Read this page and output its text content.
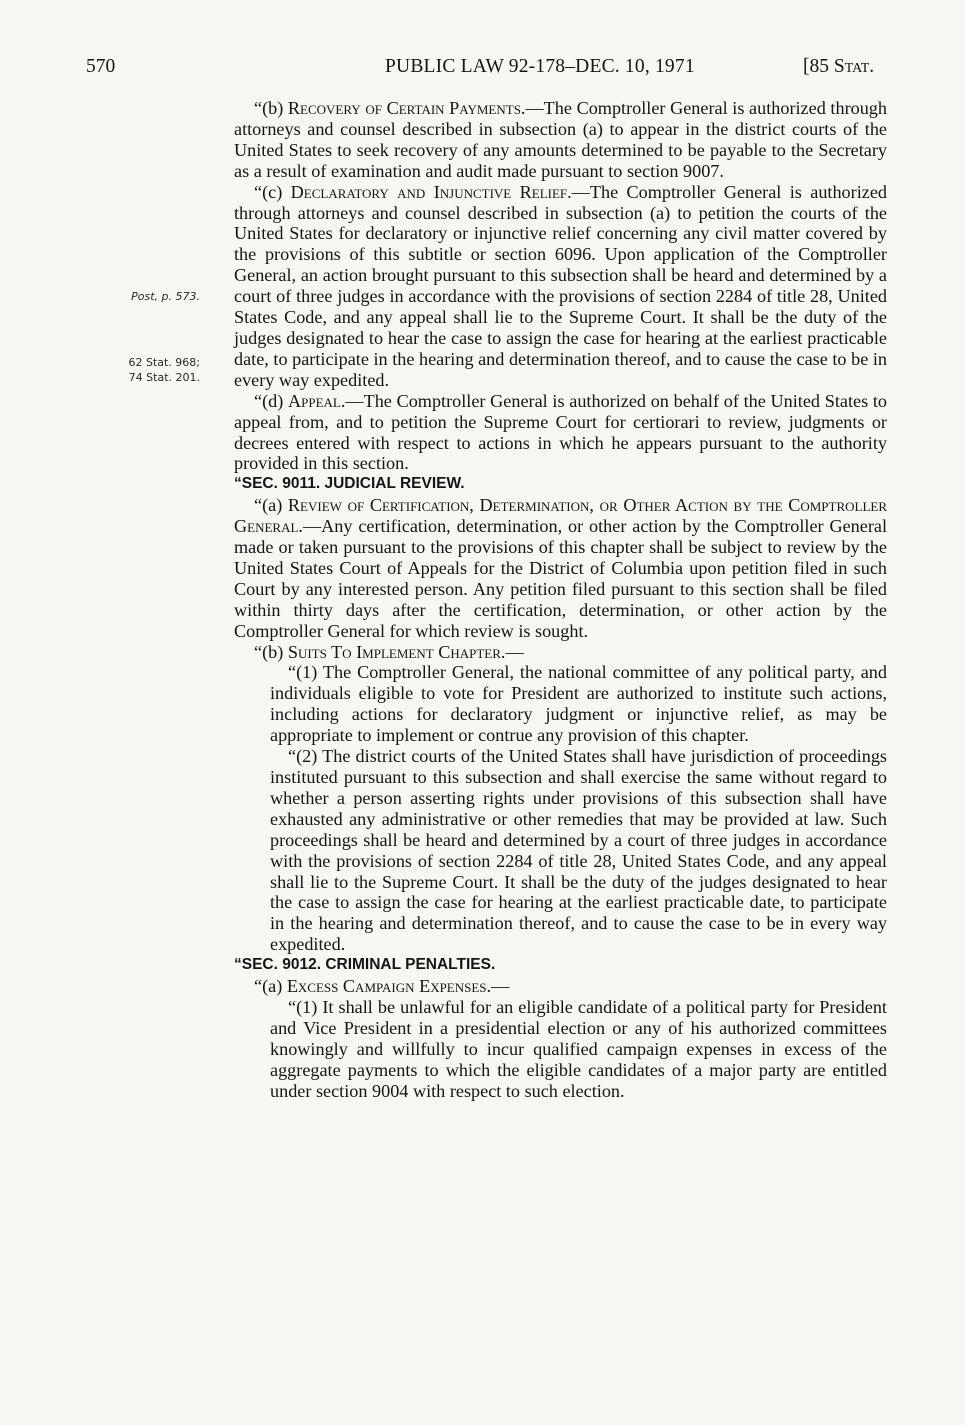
570	PUBLIC LAW 92-178–DEC. 10, 1971	[85 Stat.
Post, p. 573.
62 Stat. 968;
74 Stat. 201.

“(b) Recovery of Certain Payments.—The Comptroller General is authorized through attorneys and counsel described in subsection (a) to appear in the district courts of the United States to seek recovery of any amounts determined to be payable to the Secretary as a result of examination and audit made pursuant to section 9007.

“(c) Declaratory and Injunctive Relief.—The Comptroller General is authorized through attorneys and counsel described in subsection (a) to petition the courts of the United States for declaratory or injunctive relief concerning any civil matter covered by the provisions of this subtitle or section 6096. Upon application of the Comptroller General, an action brought pursuant to this subsection shall be heard and determined by a court of three judges in accordance with the provisions of section 2284 of title 28, United States Code, and any appeal shall lie to the Supreme Court. It shall be the duty of the judges designated to hear the case to assign the case for hearing at the earliest practicable date, to participate in the hearing and determination thereof, and to cause the case to be in every way expedited.

“(d) Appeal.—The Comptroller General is authorized on behalf of the United States to appeal from, and to petition the Supreme Court for certiorari to review, judgments or decrees entered with respect to actions in which he appears pursuant to the authority provided in this section.

“SEC. 9011. JUDICIAL REVIEW.

“(a) Review of Certification, Determination, or Other Action by the Comptroller General.—Any certification, determination, or other action by the Comptroller General made or taken pursuant to the provisions of this chapter shall be subject to review by the United States Court of Appeals for the District of Columbia upon petition filed in such Court by any interested person. Any petition filed pursuant to this section shall be filed within thirty days after the certification, determination, or other action by the Comptroller General for which review is sought.

“(b) Suits To Implement Chapter.—

“(1) The Comptroller General, the national committee of any political party, and individuals eligible to vote for President are authorized to institute such actions, including actions for declaratory judgment or injunctive relief, as may be appropriate to implement or contrue any provision of this chapter.

“(2) The district courts of the United States shall have jurisdiction of proceedings instituted pursuant to this subsection and shall exercise the same without regard to whether a person asserting rights under provisions of this subsection shall have exhausted any administrative or other remedies that may be provided at law. Such proceedings shall be heard and determined by a court of three judges in accordance with the provisions of section 2284 of title 28, United States Code, and any appeal shall lie to the Supreme Court. It shall be the duty of the judges designated to hear the case to assign the case for hearing at the earliest practicable date, to participate in the hearing and determination thereof, and to cause the case to be in every way expedited.

“SEC. 9012. CRIMINAL PENALTIES.

“(a) Excess Campaign Expenses.—

“(1) It shall be unlawful for an eligible candidate of a political party for President and Vice President in a presidential election or any of his authorized committees knowingly and willfully to incur qualified campaign expenses in excess of the aggregate payments to which the eligible candidates of a major party are entitled under section 9004 with respect to such election.
